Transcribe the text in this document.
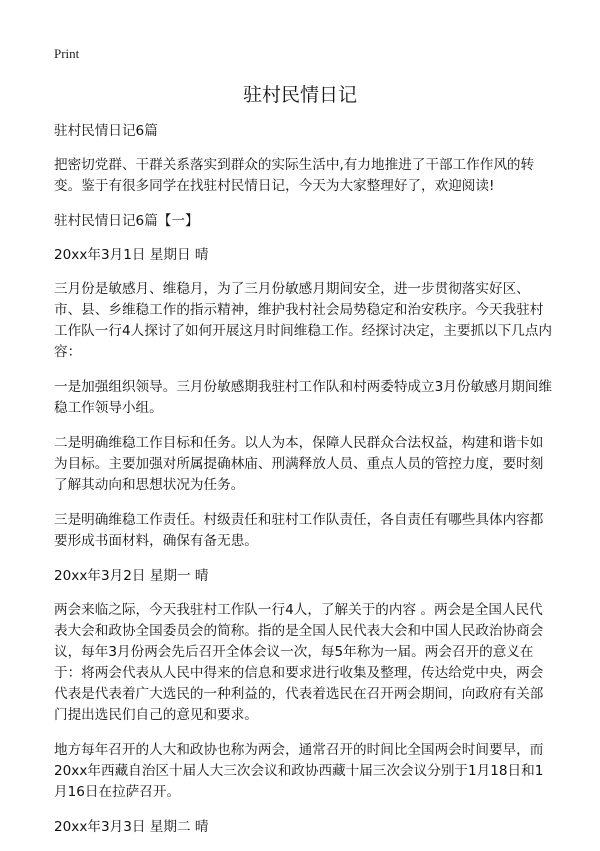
Print
驻村民情日记

驻村民情日记6篇

把密切党群、干群关系落实到群众的实际生活中,有力地推进了干部工作作风的转变。鉴于有很多同学在找驻村民情日记，今天为大家整理好了，欢迎阅读!

驻村民情日记6篇【一】

20xx年3月1日 星期日 晴

三月份是敏感月、维稳月，为了三月份敏感月期间安全，进一步贯彻落实好区、市、县、乡维稳工作的指示精神，维护我村社会局势稳定和治安秩序。今天我驻村工作队一行4人探讨了如何开展这月时间维稳工作。经探讨决定，主要抓以下几点内容：

一是加强组织领导。三月份敏感期我驻村工作队和村两委特成立3月份敏感月期间维稳工作领导小组。

二是明确维稳工作目标和任务。以人为本，保障人民群众合法权益，构建和谐卡如为目标。主要加强对所属提确林庙、刑满释放人员、重点人员的管控力度，要时刻了解其动向和思想状况为任务。

三是明确维稳工作责任。村级责任和驻村工作队责任，各自责任有哪些具体内容都要形成书面材料，确保有备无患。

20xx年3月2日 星期一 晴

两会来临之际，今天我驻村工作队一行4人，了解关于的内容 。两会是全国人民代表大会和政协全国委员会的简称。指的是全国人民代表大会和中国人民政治协商会议，每年3月份两会先后召开全体会议一次，每5年称为一届。两会召开的意义在于：将两会代表从人民中得来的信息和要求进行收集及整理，传达给党中央，两会代表是代表着广大选民的一种利益的，代表着选民在召开两会期间，向政府有关部门提出选民们自己的意见和要求。

地方每年召开的人大和政协也称为两会，通常召开的时间比全国两会时间要早，而20xx年西藏自治区十届人大三次会议和政协西藏十届三次会议分别于1月18日和1月16日在拉萨召开。

20xx年3月3日 星期二 晴
